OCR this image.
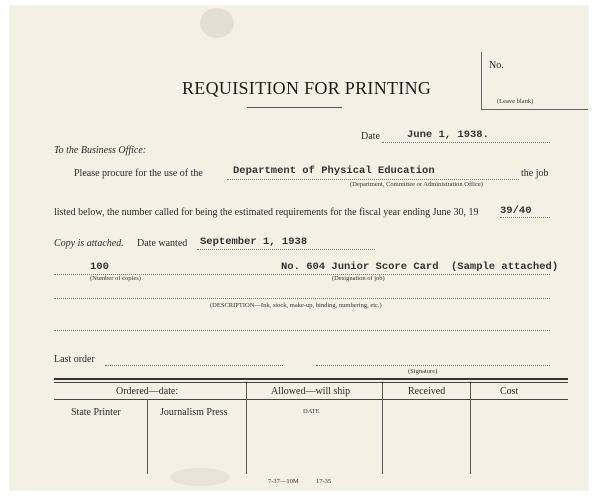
No.
(Leave blank)
REQUISITION FOR PRINTING
Date	June 1, 1938.
To the Business Office:
Please procure for the use of the	Department of Physical Education
(Department, Committee or Administration Office)
the job
listed below, the number called for being the estimated requirements for the fiscal year ending June 30, 19 39/40
Copy is attached. Date wanted September 1, 1938
100
(Number of copies)
No. 604 Junior Score Card
(Designation of job)
(Sample attached)
(DESCRIPTION—Ink, stock, make-up, binding, numbering, etc.)
Last order
(Signature)
Ordered—date:	Allowed—will ship	Received	Cost
State Printer	Journalism Press	DATE
7-37—10M	17-35
